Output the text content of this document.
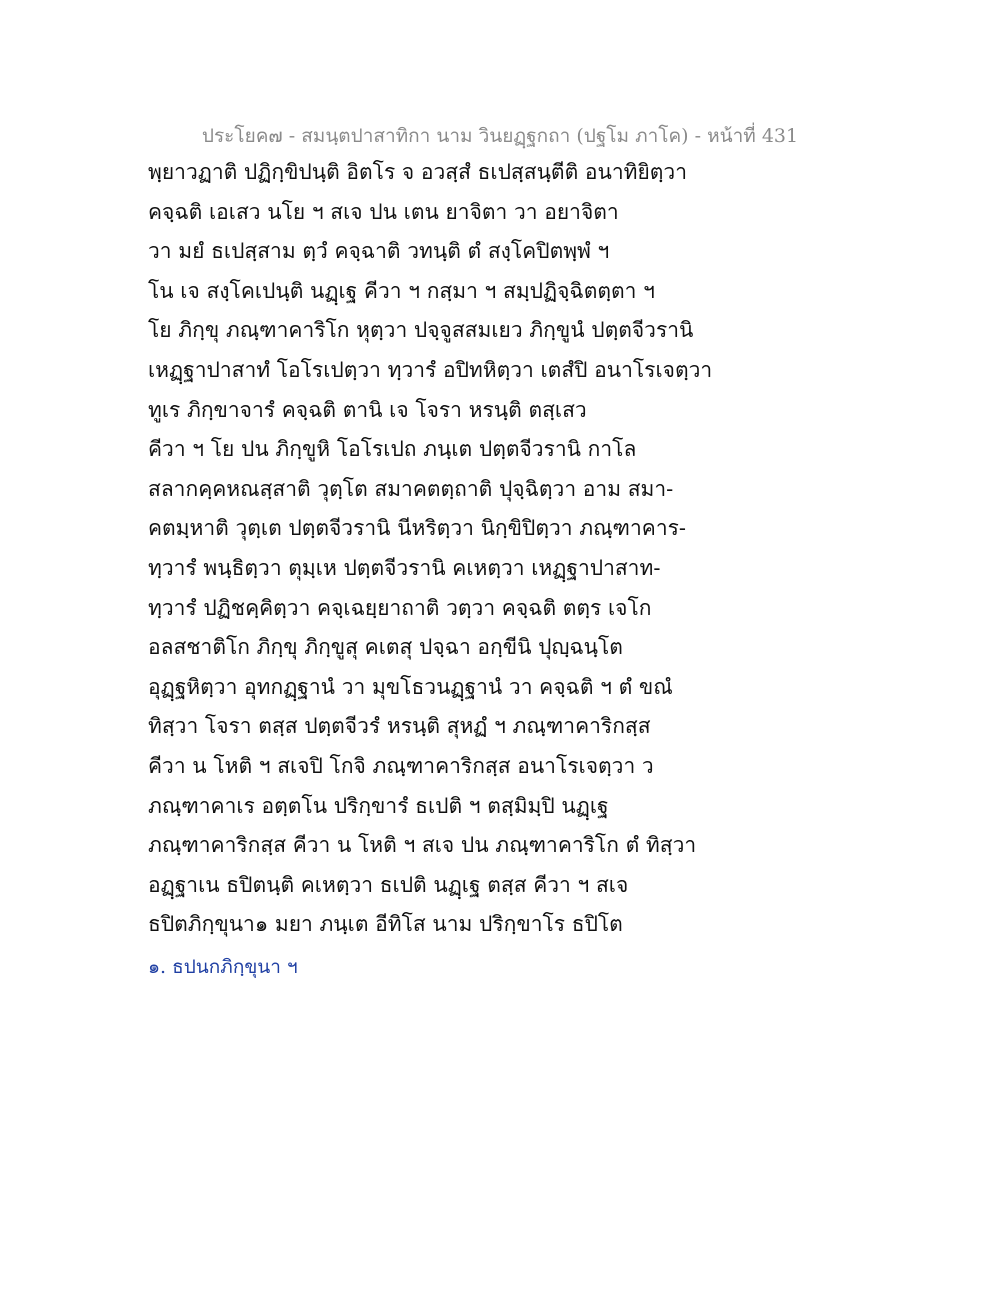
ประโยค๗ - สมนฺตปาสาทิกา นาม วินยฏฺฐกถา (ปฐโม ภาโค) - หน้าที่ 431
พฺยาวฏาติ ปฏิกฺขิปนฺติ อิตโร จ อวสฺสํ ธเปสฺสนฺตีติ อนาทิยิตฺวา
คจฺฉติ เอเสว นโย ฯ สเจ ปน เตน ยาจิตา วา อยาจิตา
วา มยํ ธเปสฺสาม ตฺวํ คจฺฉาติ วทนฺติ ตํ สงฺโคปิตพฺพํ ฯ
โน เจ สงฺโคเปนฺติ นฏฺเฐ คีวา ฯ กสฺมา ฯ สมฺปฏิจฺฉิตตฺตา ฯ
โย ภิกฺขุ ภณฺฑาคาริโก หุตฺวา ปจฺจูสสมเยว ภิกฺขูนํ ปตฺตจีวรานิ
เหฏฺฐาปาสาทํ โอโรเปตฺวา ทฺวารํ อปิทหิตฺวา เตสํปิ อนาโรเจตฺวา
ทูเร ภิกฺขาจารํ คจฺฉติ ตานิ เจ โจรา หรนฺติ ตสฺเสว
คีวา ฯ โย ปน ภิกฺขูหิ โอโรเปถ ภนฺเต ปตฺตจีวรานิ กาโล
สลากคฺคหณสฺสาติ วุตฺโต สมาคตตฺถาติ ปุจฺฉิตฺวา อาม สมา-
คตมฺหาติ วุตฺเต ปตฺตจีวรานิ นีหริตฺวา นิกฺขิปิตฺวา ภณฺฑาคาร-
ทฺวารํ พนฺธิตฺวา ตุมฺเห ปตฺตจีวรานิ คเหตฺวา เหฏฺฐาปาสาท-
ทฺวารํ ปฏิชคฺคิตฺวา คจฺเฉยฺยาถาติ วตฺวา คจฺฉติ ตตฺร เจโก
อลสชาติโก ภิกฺขุ ภิกฺขูสุ คเตสุ ปจฺฉา อกฺขีนิ ปุญฺฉนฺโต
อุฏฺฐหิตฺวา อุทกฏฺฐานํ วา มุขโธวนฏฺฐานํ วา คจฺฉติ ฯ ตํ ขณํ
ทิสฺวา โจรา ตสฺส ปตฺตจีวรํ หรนฺติ สุหฏํ ฯ ภณฺฑาคาริกสฺส
คีวา น โหติ ฯ สเจปิ โกจิ ภณฺฑาคาริกสฺส อนาโรเจตฺวา ว
ภณฺฑาคาเร อตฺตโน ปริกฺขารํ ธเปติ ฯ ตสฺมิมฺปิ นฏฺเฐ
ภณฺฑาคาริกสฺส คีวา น โหติ ฯ สเจ ปน ภณฺฑาคาริโก ตํ ทิสฺวา
อฏฺฐาเน ธปิตนฺติ คเหตฺวา ธเปติ นฏฺเฐ ตสฺส คีวา ฯ สเจ
ธปิตภิกฺขุนา๑ มยา ภนฺเต อีทิโส นาม ปริกฺขาโร ธปิโต
๑. ธปนกภิกฺขุนา ฯ
